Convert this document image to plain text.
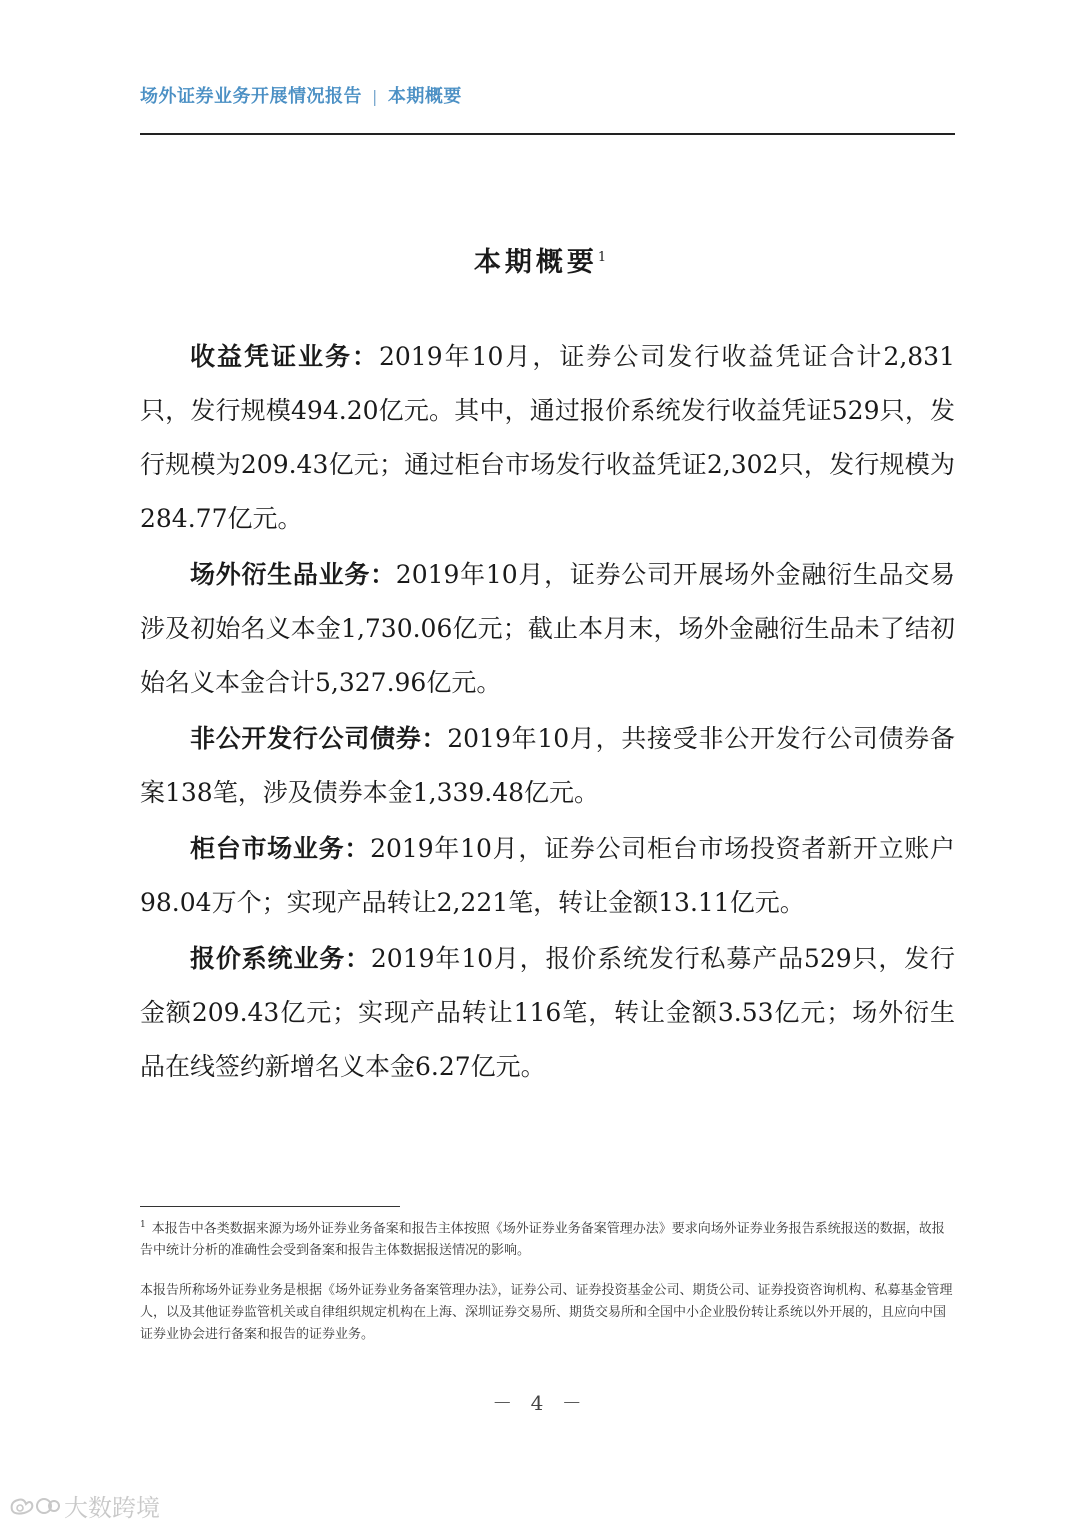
场外证券业务开展情况报告 | 本期概要
本期概要$^1$

收益凭证业务：2019年10月，证券公司发行收益凭证合计2,831只，发行规模494.20亿元。其中，通过报价系统发行收益凭证529只，发行规模为209.43亿元；通过柜台市场发行收益凭证2,302只，发行规模为284.77亿元。

场外衍生品业务：2019年10月，证券公司开展场外金融衍生品交易涉及初始名义本金1,730.06亿元；截止本月末，场外金融衍生品未了结初始名义本金合计5,327.96亿元。

非公开发行公司债券：2019年10月，共接受非公开发行公司债券备案138笔，涉及债券本金1,339.48亿元。

柜台市场业务：2019年10月，证券公司柜台市场投资者新开立账户98.04万个；实现产品转让2,221笔，转让金额13.11亿元。

报价系统业务：2019年10月，报价系统发行私募产品529只，发行金额209.43亿元；实现产品转让116笔，转让金额3.53亿元；场外衍生品在线签约新增名义本金6.27亿元。

$^1$ 本报告中各类数据来源为场外证券业务备案和报告主体按照《场外证券业务备案管理办法》要求向场外证券业务报告系统报送的数据，故报告中统计分析的准确性会受到备案和报告主体数据报送情况的影响。

本报告所称场外证券业务是根据《场外证券业务备案管理办法》，证券公司、证券投资基金公司、期货公司、证券投资咨询机构、私募基金管理人，以及其他证券监管机关或自律组织规定机构在上海、深圳证券交易所、期货交易所和全国中小企业股份转让系统以外开展的，且应向中国证券业协会进行备案和报告的证券业务。

－ 4 －
大数跨境
